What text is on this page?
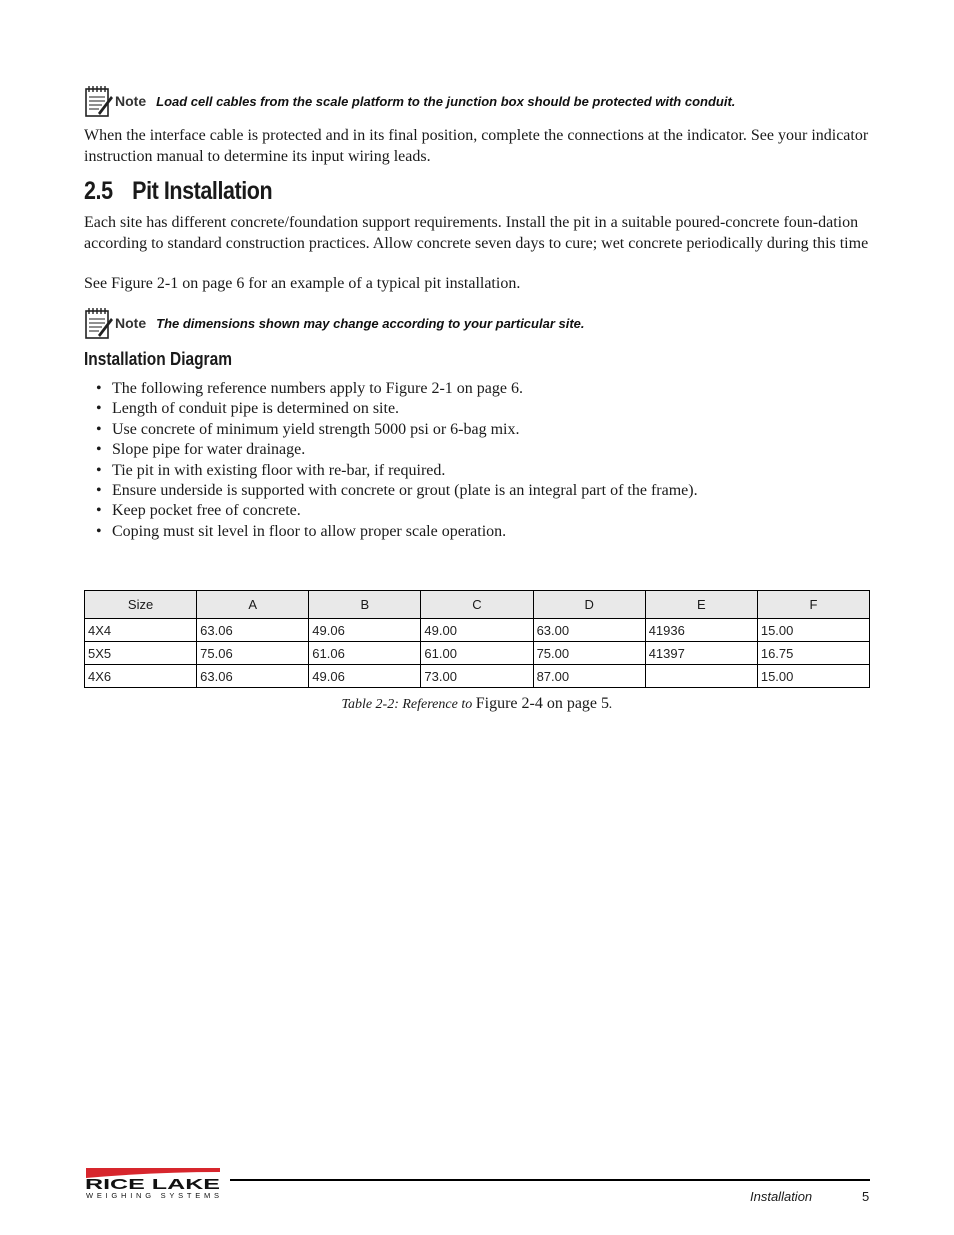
Note Load cell cables from the scale platform to the junction box should be protected with conduit.

When the interface cable is protected and in its final position, complete the connections at the indicator. See your indicator instruction manual to determine its input wiring leads.

2.5 Pit Installation

Each site has different concrete/foundation support requirements. Install the pit in a suitable poured-concrete foun-dation according to standard construction practices. Allow concrete seven days to cure; wet concrete periodically during this time

See Figure 2-1 on page 6 for an example of a typical pit installation.

Note The dimensions shown may change according to your particular site.
Installation Diagram
• The following reference numbers apply to Figure 2-1 on page 6.
• Length of conduit pipe is determined on site.
• Use concrete of minimum yield strength 5000 psi or 6-bag mix.
• Slope pipe for water drainage.
• Tie pit in with existing floor with re-bar, if required.
• Ensure underside is supported with concrete or grout (plate is an integral part of the frame).
• Keep pocket free of concrete.
• Coping must sit level in floor to allow proper scale operation.
Size	A	B	C	D	E	F
4X4	63.06	49.06	49.00	63.00	41936	15.00
5X5	75.06	61.06	61.00	75.00	41397	16.75
4X6	63.06	49.06	73.00	87.00		15.00
Table 2-2: Reference to Figure 2-4 on page 5.
RICE LAKE
WEIGHING SYSTEMS	Installation	5
